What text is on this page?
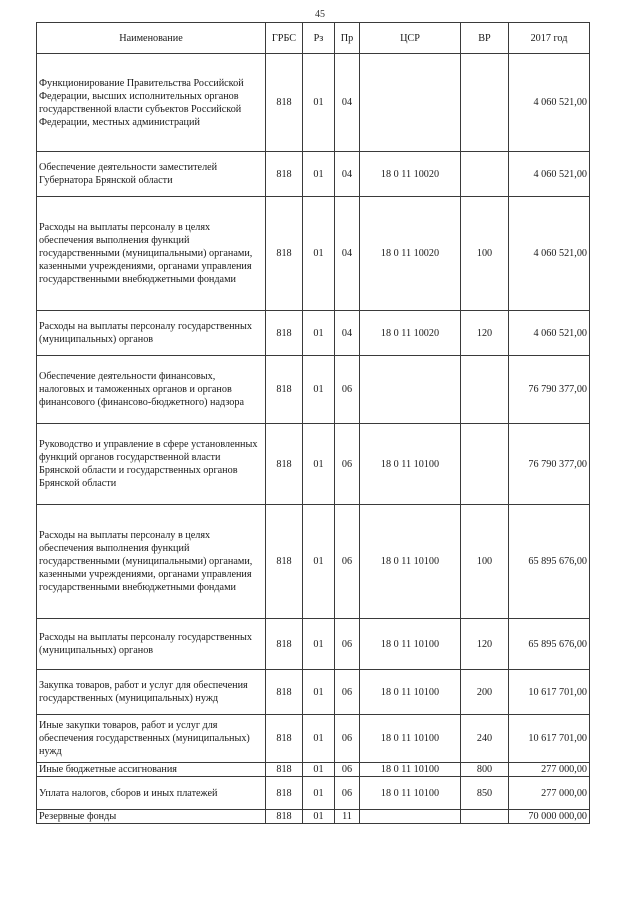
45
Наименование	ГРБС	Рз	Пр	ЦСР	ВР	2017 год
Функционирование Правительства Российской Федерации, высших исполнительных органов государственной власти субъектов Российской Федерации, местных администраций	818	01	04			4 060 521,00
Обеспечение деятельности заместителей Губернатора Брянской области	818	01	04	18 0 11 10020		4 060 521,00
Расходы на выплаты персоналу в целях обеспечения выполнения функций государственными (муниципальными) органами, казенными учреждениями, органами управления государственными внебюджетными фондами	818	01	04	18 0 11 10020	100	4 060 521,00
Расходы на выплаты персоналу государственных (муниципальных) органов	818	01	04	18 0 11 10020	120	4 060 521,00
Обеспечение деятельности финансовых, налоговых и таможенных органов и органов финансового (финансово-бюджетного) надзора	818	01	06			76 790 377,00
Руководство и управление в сфере установленных функций органов государственной власти Брянской области и государственных органов Брянской области	818	01	06	18 0 11 10100		76 790 377,00
Расходы на выплаты персоналу в целях обеспечения выполнения функций государственными (муниципальными) органами, казенными учреждениями, органами управления государственными внебюджетными фондами	818	01	06	18 0 11 10100	100	65 895 676,00
Расходы на выплаты персоналу государственных (муниципальных) органов	818	01	06	18 0 11 10100	120	65 895 676,00
Закупка товаров, работ и услуг для обеспечения государственных (муниципальных) нужд	818	01	06	18 0 11 10100	200	10 617 701,00
Иные закупки товаров, работ и услуг для обеспечения государственных (муниципальных) нужд	818	01	06	18 0 11 10100	240	10 617 701,00
Иные бюджетные ассигнования	818	01	06	18 0 11 10100	800	277 000,00
Уплата налогов, сборов и иных платежей	818	01	06	18 0 11 10100	850	277 000,00
Резервные фонды	818	01	11			70 000 000,00
